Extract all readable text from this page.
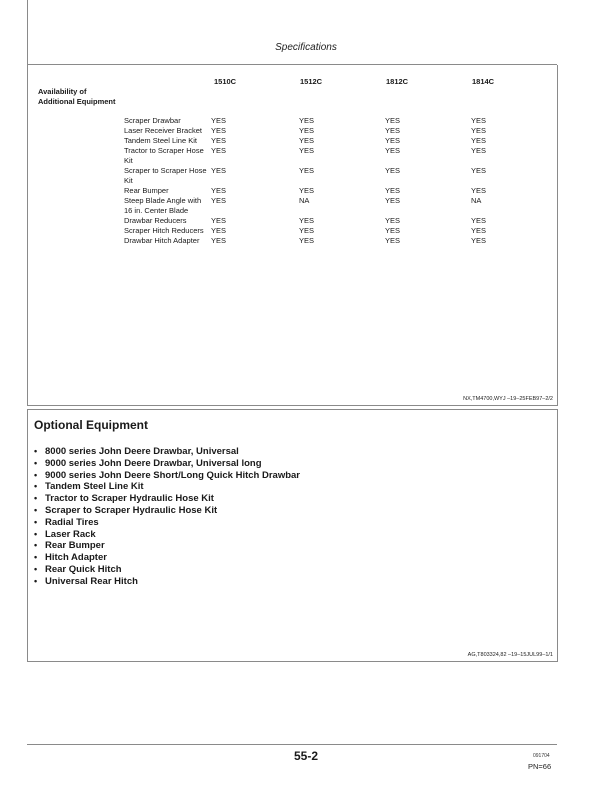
Specifications
1510C	1512C	1812C	1814C
Availability of Additional Equipment
Scraper Drawbar	YES	YES	YES	YES
Laser Receiver Bracket	YES	YES	YES	YES
Tandem Steel Line Kit	YES	YES	YES	YES
Tractor to Scraper Hose Kit	YES	YES	YES	YES
Scraper to Scraper Hose Kit	YES	YES	YES	YES
Rear Bumper	YES	YES	YES	YES
Steep Blade Angle with 16 in. Center Blade	YES	NA	YES	NA
Drawbar Reducers	YES	YES	YES	YES
Scraper Hitch Reducers	YES	YES	YES	YES
Drawbar Hitch Adapter	YES	YES	YES	YES
NX,TM4700,WYJ –19–25FEB97–2/2
Optional Equipment
• 8000 series John Deere Drawbar, Universal
• 9000 series John Deere Drawbar, Universal long
• 9000 series John Deere Short/Long Quick Hitch Drawbar
• Tandem Steel Line Kit
• Tractor to Scraper Hydraulic Hose Kit
• Scraper to Scraper Hydraulic Hose Kit
• Radial Tires
• Laser Rack
• Rear Bumper
• Hitch Adapter
• Rear Quick Hitch
• Universal Rear Hitch
AG,T803324,82 –19–15JUL99–1/1
55-2	091704
PN=66
